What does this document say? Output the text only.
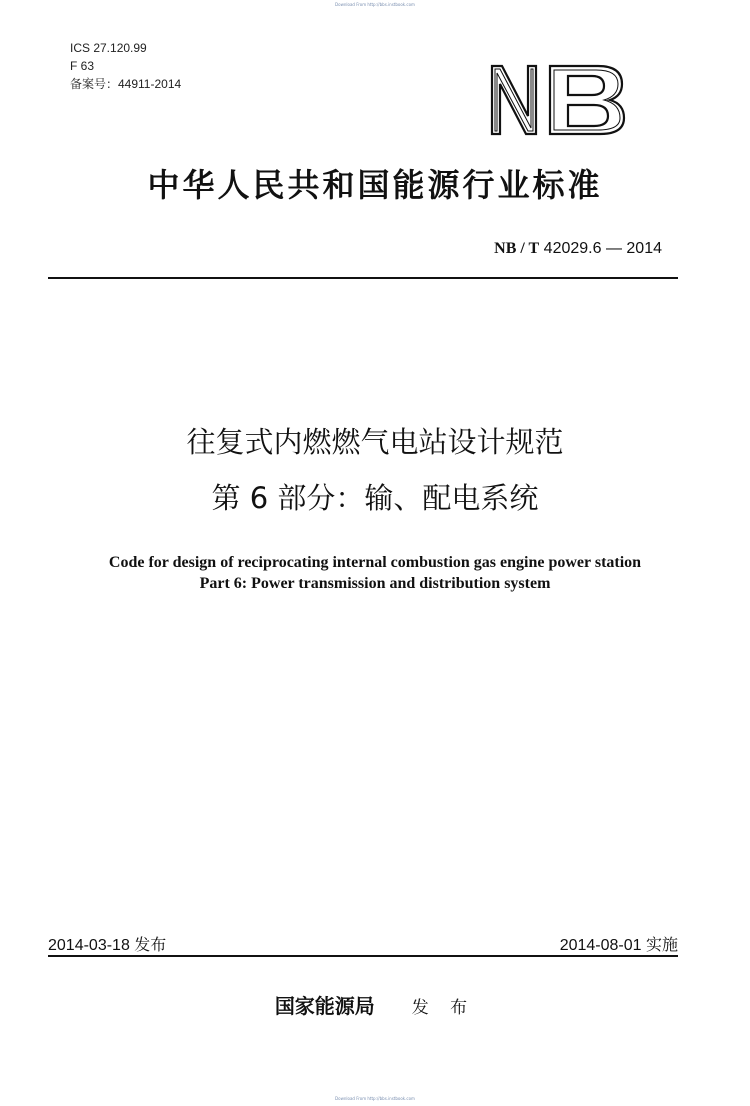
Download From http://bbs.instbook.com
ICS 27.120.99
F 63
备案号：44911-2014
中华人民共和国能源行业标准
NB / T 42029.6 — 2014
往复式内燃燃气电站设计规范
第 6 部分：输、配电系统
Code for design of reciprocating internal combustion gas engine power station
Part 6: Power transmission and distribution system
2014-03-18 发布	2014-08-01 实施
国家能源局 发 布
Download From http://bbs.instbook.com
